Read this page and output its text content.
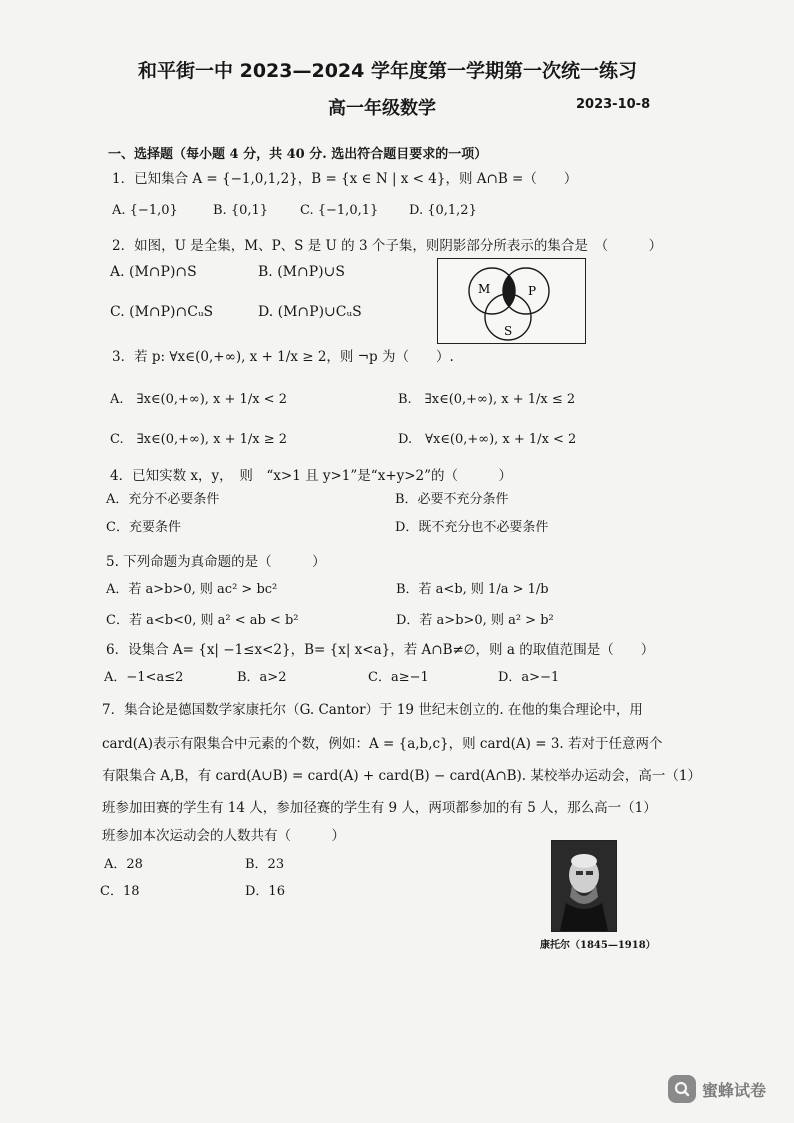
和平街一中 2023—2024 学年度第一学期第一次统一练习
高一年级数学	2023-10-8
一、选择题（每小题 4 分，共 40 分. 选出符合题目要求的一项）
1．已知集合 A = {−1,0,1,2}，B = {x ∈ N | x < 4}，则 A∩B =（　　）
A. {−1,0}	B. {0,1} C. {−1,0,1} D. {0,1,2}
2．如图，U 是全集，M、P、S 是 U 的 3 个子集，则阴影部分所表示的集合是　（　　　）
A. (M∩P)∩S	B. (M∩P)∪S
C. (M∩P)∩CᵤS	D. (M∩P)∪CᵤS
M	P
S
3．若 p: ∀x∈(0,+∞), x + 1/x ≥ 2，则 ¬p 为（　　）.
A.　∃x∈(0,+∞), x + 1/x < 2	B.　∃x∈(0,+∞), x + 1/x ≤ 2
C.　∃x∈(0,+∞), x + 1/x ≥ 2	D.　∀x∈(0,+∞), x + 1/x < 2
4．已知实数 x，y，　则　“x>1 且 y>1”是“x+y>2”的（　　　）
A．充分不必要条件	B．必要不充分条件
C．充要条件	D．既不充分也不必要条件
5. 下列命题为真命题的是（　　　）
A．若 a>b>0, 则 ac² > bc²	B．若 a<b, 则 1/a > 1/b
C．若 a<b<0, 则 a² < ab < b²	D．若 a>b>0, 则 a² > b²
6．设集合 A= {x| −1≤x<2}，B= {x| x<a}，若 A∩B≠∅，则 a 的取值范围是（　　）
A．−1<a≤2	B．a>2	C．a≥−1	D．a>−1
7．集合论是德国数学家康托尔（G. Cantor）于 19 世纪末创立的. 在他的集合理论中，用
card(A)表示有限集合中元素的个数，例如：A = {a,b,c}，则 card(A) = 3. 若对于任意两个
有限集合 A,B，有 card(A∪B) = card(A) + card(B) − card(A∩B). 某校举办运动会，高一（1）
班参加田赛的学生有 14 人，参加径赛的学生有 9 人，两项都参加的有 5 人，那么高一（1）
班参加本次运动会的人数共有（　　　）
A．28	B．23
C．18	D．16
康托尔（1845—1918）
蜜蜂试卷
